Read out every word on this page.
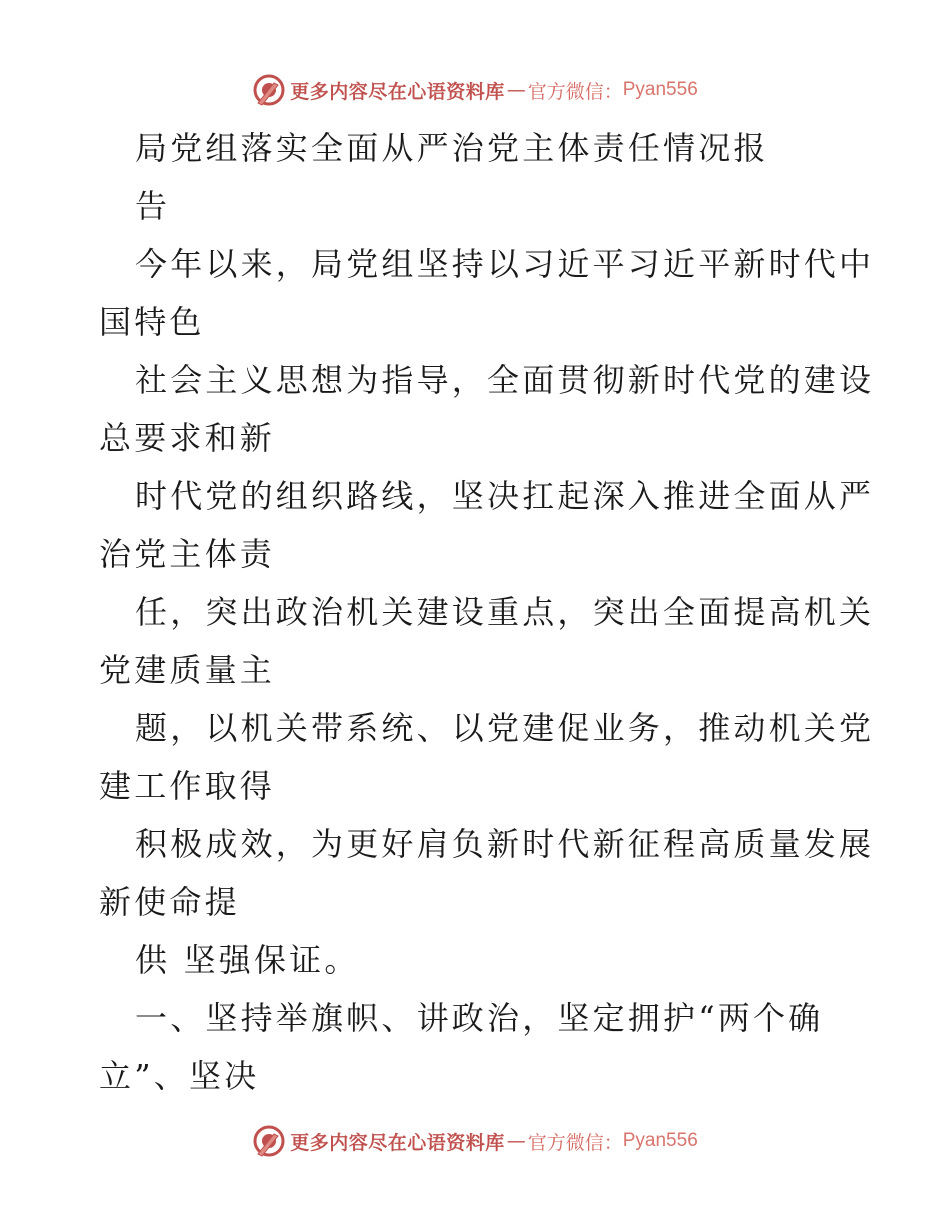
更多内容尽在心语资料库 — 官方微信： Pyan556
局党组落实全面从严治党主体责任情况报
告
今年以来，局党组坚持以习近平习近平新时代中
国特色
社会主义思想为指导，全面贯彻新时代党的建设
总要求和新
时代党的组织路线，坚决扛起深入推进全面从严
治党主体责
任，突出政治机关建设重点，突出全面提高机关
党建质量主
题，以机关带系统、以党建促业务，推动机关党
建工作取得
积极成效，为更好肩负新时代新征程高质量发展
新使命提
供 坚强保证。
一、坚持举旗帜、讲政治，坚定拥护“两个确
立”、坚决
更多内容尽在心语资料库 — 官方微信： Pyan556
